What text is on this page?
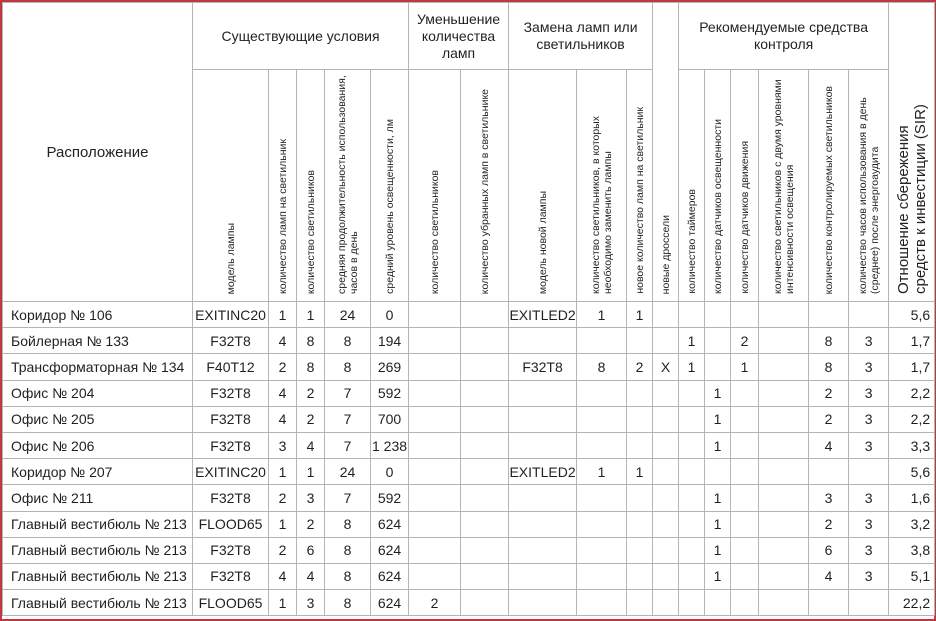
Расположение	Существующие условия					Уменьшение количества ламп		Замена ламп или светильников			новые дроссели	Рекомендуемые средства контроля						Отношение сбережения средств к инвестиции (SIR)
	модель лампы	количество ламп на светильник	количество светильников	средняя продолжительность использования, часов в день	средний уровень освещенности, лм	количество светильников	количество убранных ламп в светильнике	модель новой лампы	количество светильников, в которых необходимо заменить лампы	новое количество ламп на светильник		количество таймеров	количество датчиков освещенности	количество датчиков движения	количество светильников с двумя уровнями интенсивности освещения	количество контролируемых светильников	количество часов использования в день (среднее) после энергоаудита	
Коридор № 106	EXITINC20	1	1	24	0			EXITLED2	1	1								5,6
Бойлерная № 133	F32T8	4	8	8	194							1		2		8	3	1,7
Трансформаторная № 134	F40T12	2	8	8	269			F32T8	8	2	X	1		1		8	3	1,7
Офис № 204	F32T8	4	2	7	592								1			2	3	2,2
Офис № 205	F32T8	4	2	7	700								1			2	3	2,2
Офис № 206	F32T8	3	4	7	1 238								1			4	3	3,3
Коридор № 207	EXITINC20	1	1	24	0			EXITLED2	1	1								5,6
Офис № 211	F32T8	2	3	7	592								1			3	3	1,6
Главный вестибюль № 213	FLOOD65	1	2	8	624								1			2	3	3,2
Главный вестибюль № 213	F32T8	2	6	8	624								1			6	3	3,8
Главный вестибюль № 213	F32T8	4	4	8	624								1			4	3	5,1
Главный вестибюль № 213	FLOOD65	1	3	8	624	2												22,2
